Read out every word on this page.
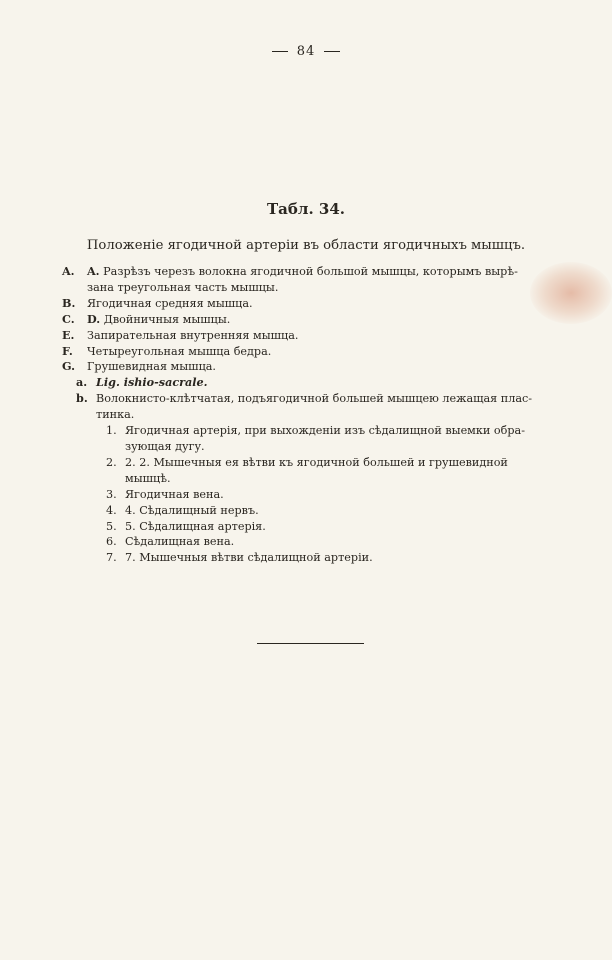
84
Табл. 34.
Положенiе ягодичной артерiи въ области ягодичныхъ мышцъ.
A.	A. Разрѣзъ черезъ волокна ягодичной большой мышцы, которымъ вырѣ-
зана треугольная часть мышцы.
B.	Ягодичная средняя мышца.
C.	D. Двойничныя мышцы.
E.	Запирательная внутренняя мышца.
F.	Четыреугольная мышца бедра.
G.	Грушевидная мышца.
a. Lig. ishio-sacrale.
b. Волокнисто-клѣтчатая, подъягодичной большей мышцею лежащая плас-
тинка.
1. Ягодичная артерiя, при выхожденiи изъ сѣдалищной выемки обра-
зующая дугу.
2. 2. 2. Мышечныя ея вѣтви къ ягодичной большей и грушевидной
мышцѣ.
3. Ягодичная вена.
4. 4. Сѣдалищный нервъ.
5. 5. Сѣдалищная артерiя.
6. Сѣдалищная вена.
7. 7. Мышечныя вѣтви сѣдалищной артерiи.
